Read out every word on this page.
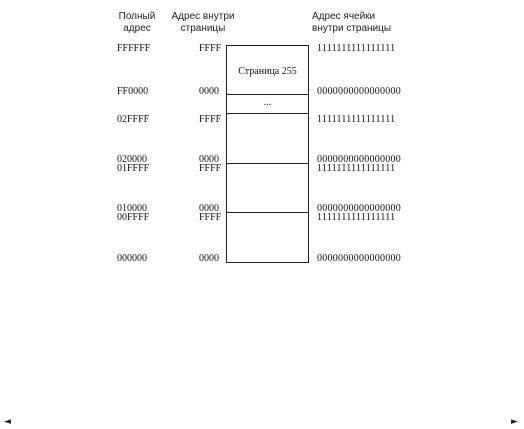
Полный
адрес
Адрес внутри
страницы
Адрес ячейки
внутри страницы
FFFFFF
FF0000
02FFFF
020000
01FFFF
010000
00FFFF
000000
FFFF
0000
FFFF
0000
FFFF
0000
FFFF
0000
Страница 255
...
1111111111111111
0000000000000000
1111111111111111
0000000000000000
1111111111111111
0000000000000000
1111111111111111
0000000000000000
◄	►
